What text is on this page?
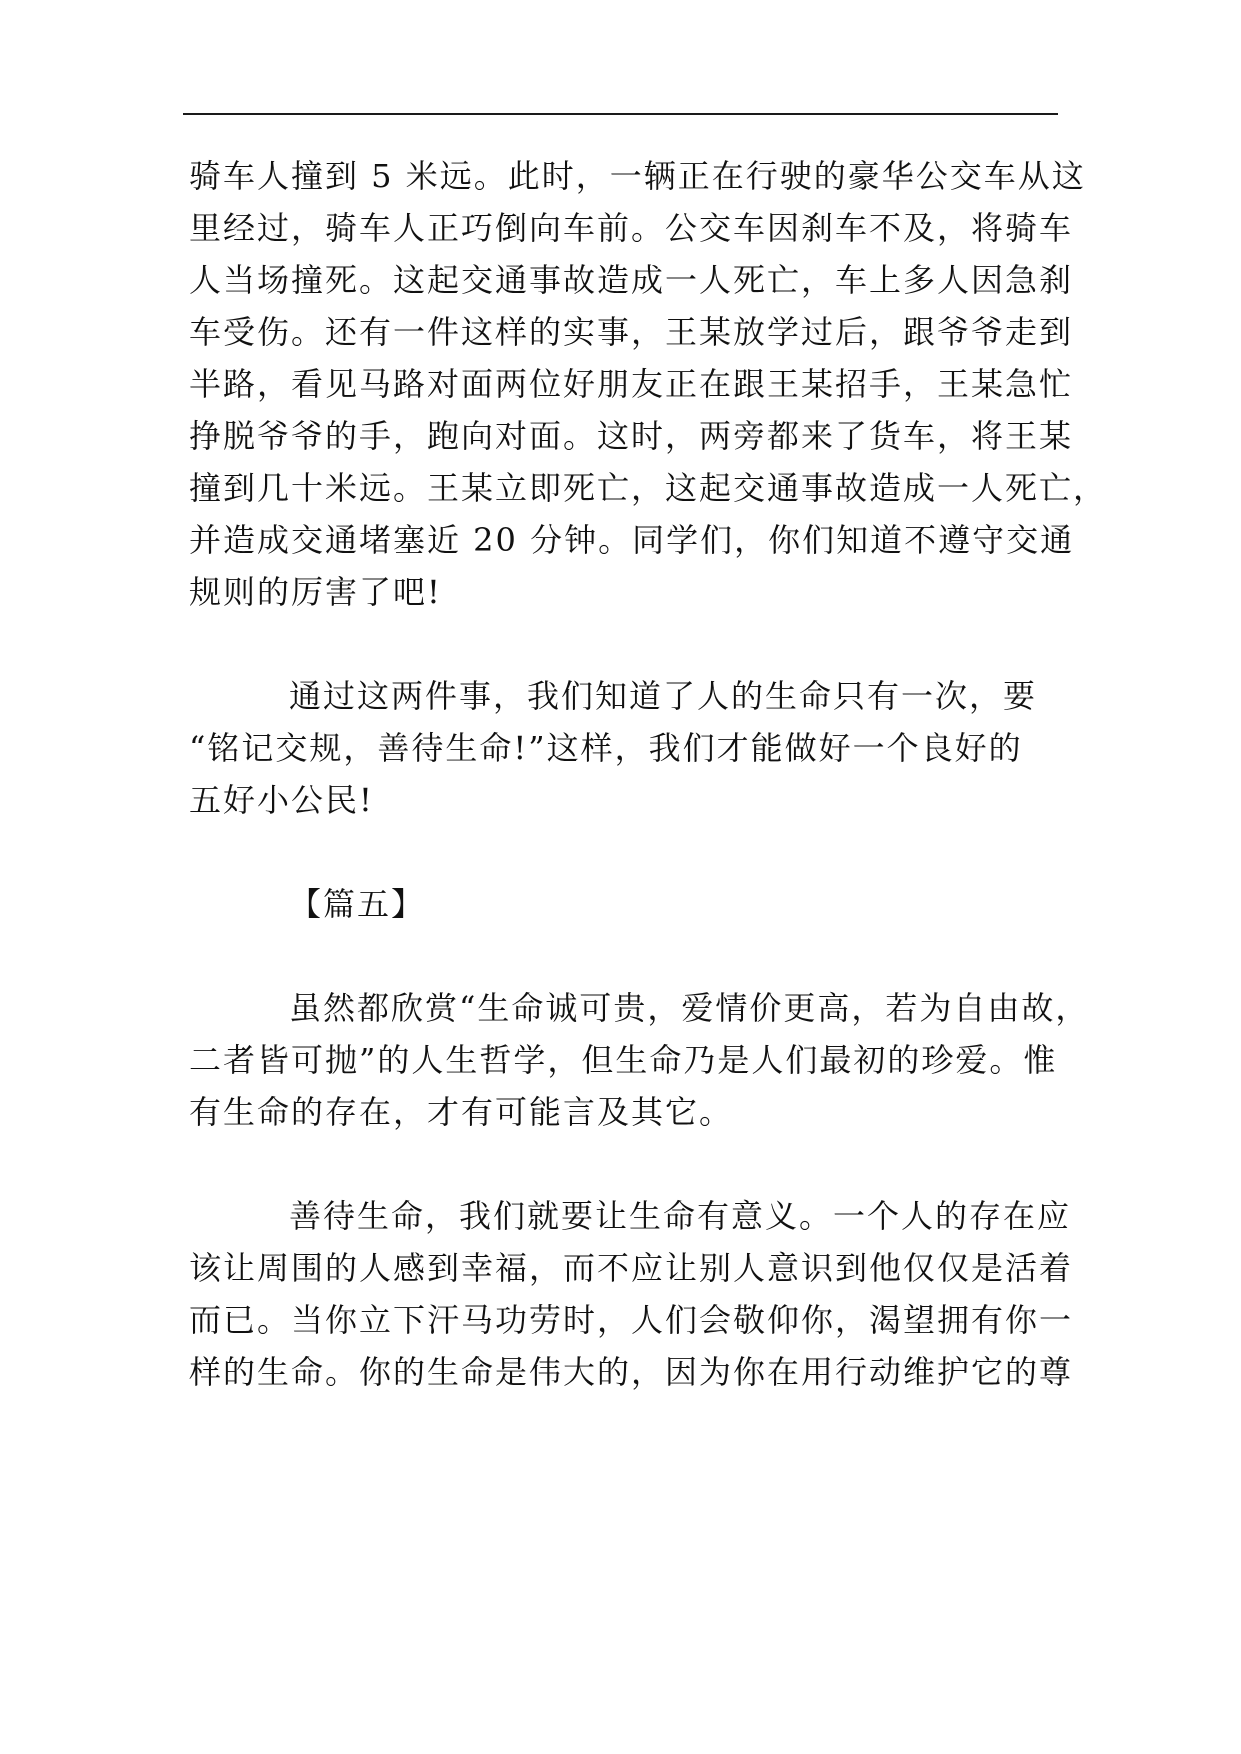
骑车人撞到 5 米远。此时，一辆正在行驶的豪华公交车从这
里经过，骑车人正巧倒向车前。公交车因刹车不及，将骑车
人当场撞死。这起交通事故造成一人死亡，车上多人因急刹
车受伤。还有一件这样的实事，王某放学过后，跟爷爷走到
半路，看见马路对面两位好朋友正在跟王某招手，王某急忙
挣脱爷爷的手，跑向对面。这时，两旁都来了货车，将王某
撞到几十米远。王某立即死亡，这起交通事故造成一人死亡，
并造成交通堵塞近 20 分钟。同学们，你们知道不遵守交通
规则的厉害了吧!
通过这两件事，我们知道了人的生命只有一次，要
“铭记交规，善待生命!”这样，我们才能做好一个良好的
五好小公民!
【篇五】
虽然都欣赏“生命诚可贵，爱情价更高，若为自由故，
二者皆可抛”的人生哲学，但生命乃是人们最初的珍爱。惟
有生命的存在，才有可能言及其它。
善待生命，我们就要让生命有意义。一个人的存在应
该让周围的人感到幸福，而不应让别人意识到他仅仅是活着
而已。当你立下汗马功劳时，人们会敬仰你，渴望拥有你一
样的生命。你的生命是伟大的，因为你在用行动维护它的尊
